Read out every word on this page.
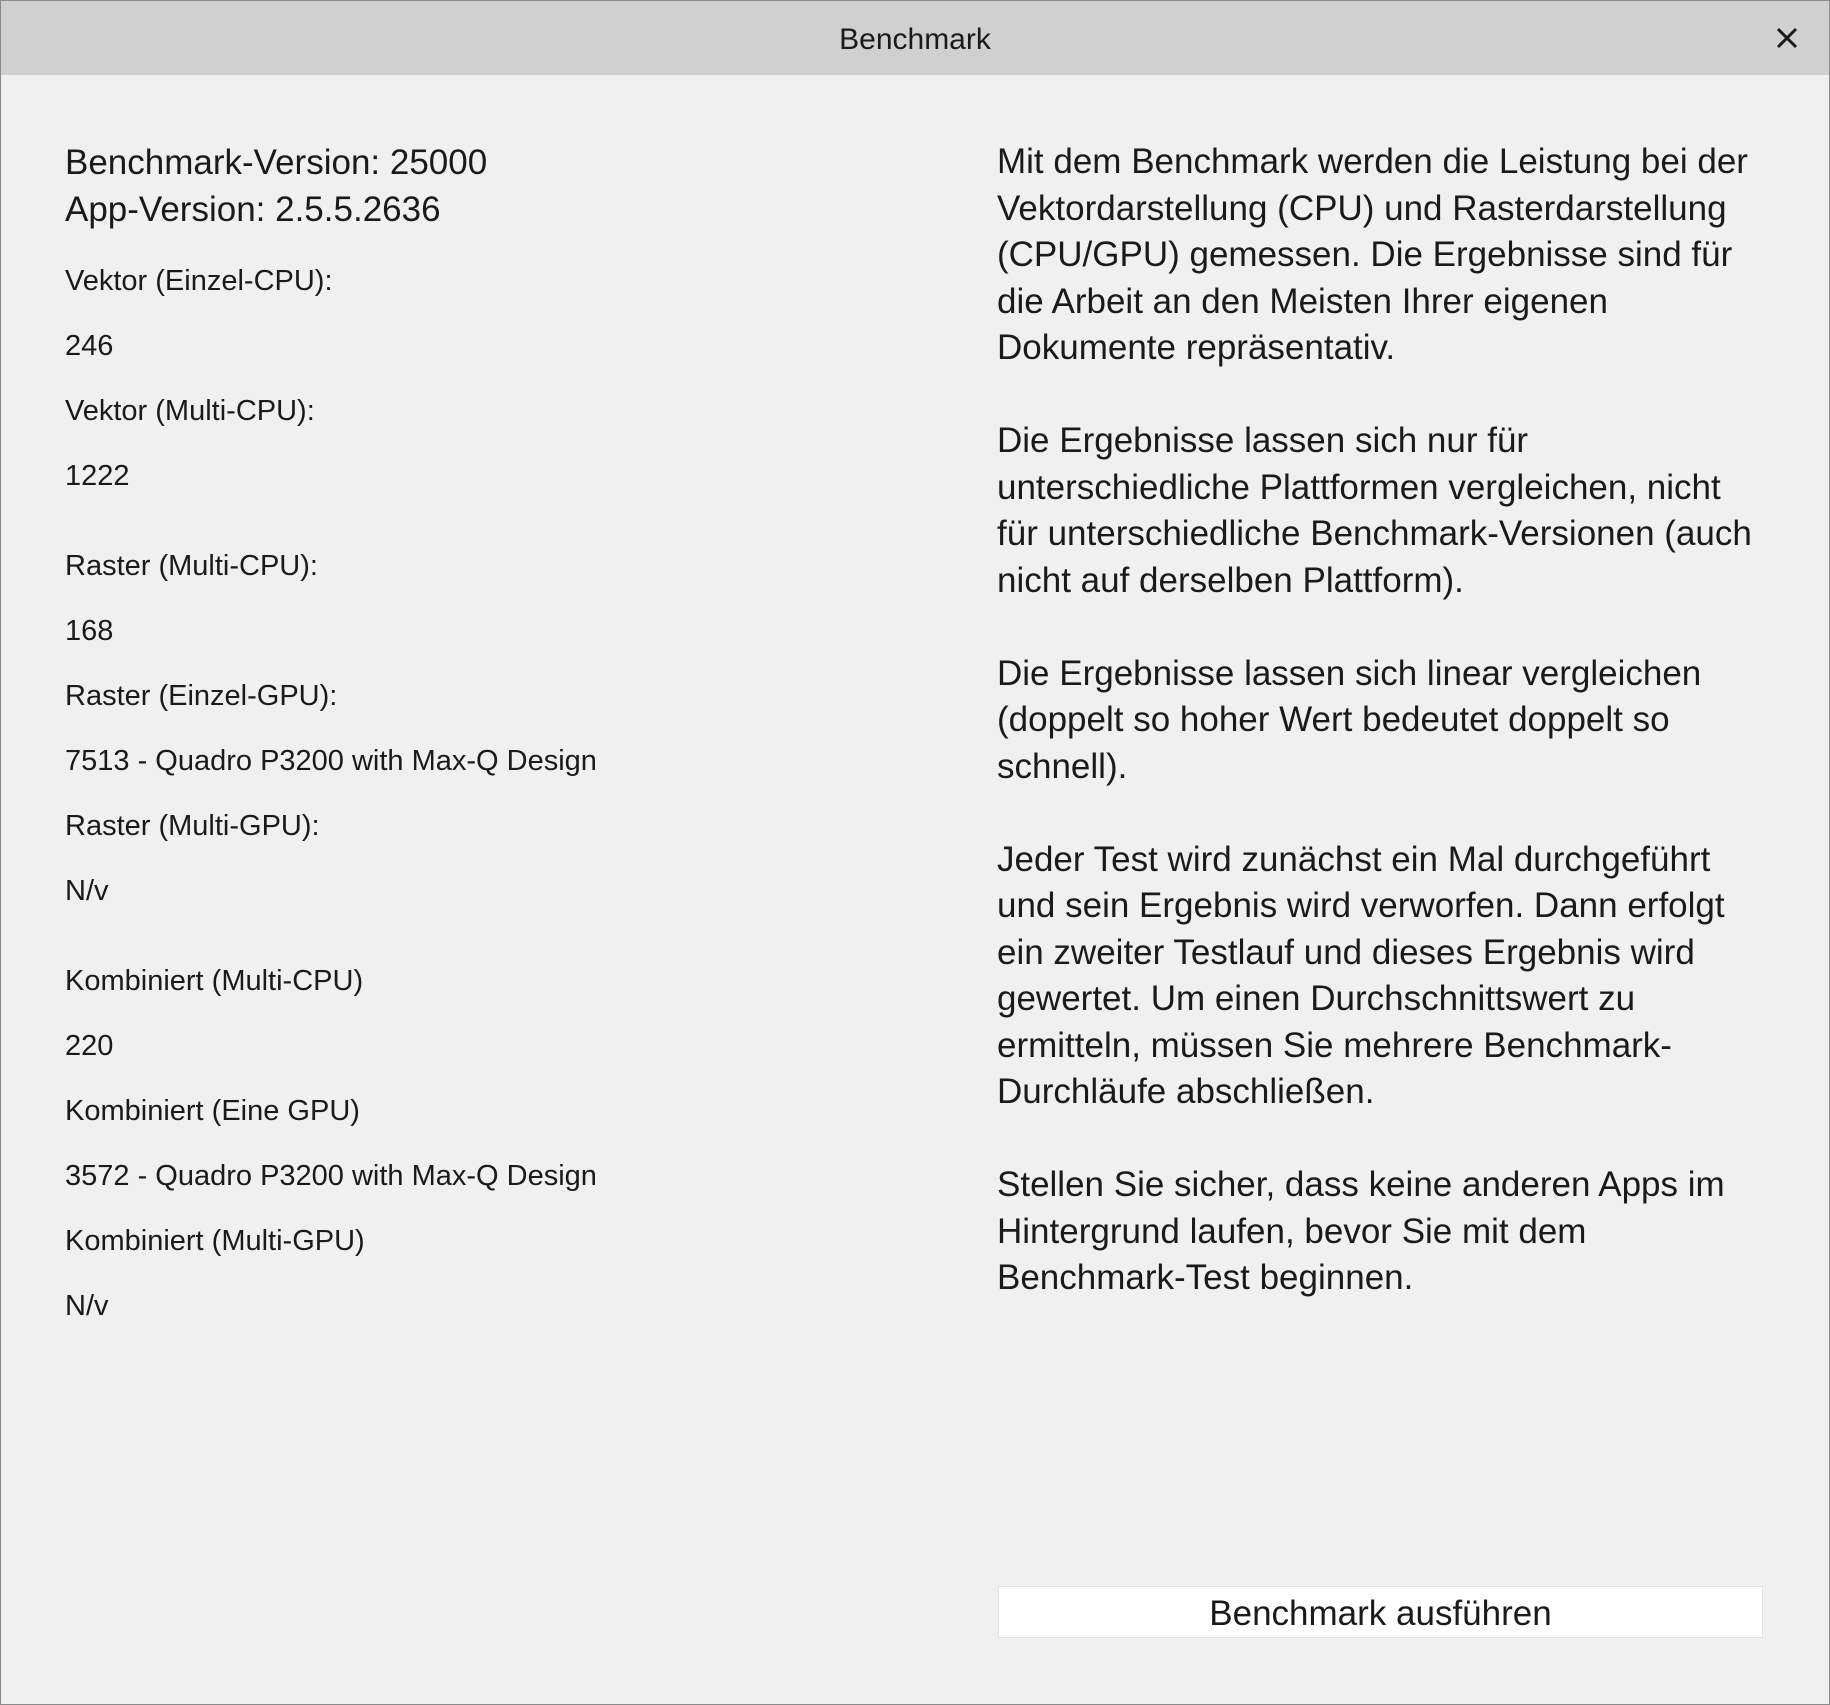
Benchmark

Benchmark-Version: 25000

App-Version: 2.5.5.2636

Vektor (Einzel-CPU):

246

Vektor (Multi-CPU):

1222

Raster (Multi-CPU):

168

Raster (Einzel-GPU):

7513 - Quadro P3200 with Max-Q Design

Raster (Multi-GPU):

N/v

Kombiniert (Multi-CPU)

220

Kombiniert (Eine GPU)

3572 - Quadro P3200 with Max-Q Design

Kombiniert (Multi-GPU)

N/v

Mit dem Benchmark werden die Leistung bei der Vektordarstellung (CPU) und Rasterdarstellung (CPU/GPU) gemessen. Die Ergebnisse sind für die Arbeit an den Meisten Ihrer eigenen Dokumente repräsentativ.

Die Ergebnisse lassen sich nur für unterschiedliche Plattformen vergleichen, nicht für unterschiedliche Benchmark-Versionen (auch nicht auf derselben Plattform).

Die Ergebnisse lassen sich linear vergleichen (doppelt so hoher Wert bedeutet doppelt so schnell).

Jeder Test wird zunächst ein Mal durchgeführt und sein Ergebnis wird verworfen. Dann erfolgt ein zweiter Testlauf und dieses Ergebnis wird gewertet. Um einen Durchschnittswert zu ermitteln, müssen Sie mehrere Benchmark-Durchläufe abschließen.

Stellen Sie sicher, dass keine anderen Apps im Hintergrund laufen, bevor Sie mit dem Benchmark-Test beginnen.

Benchmark ausführen
